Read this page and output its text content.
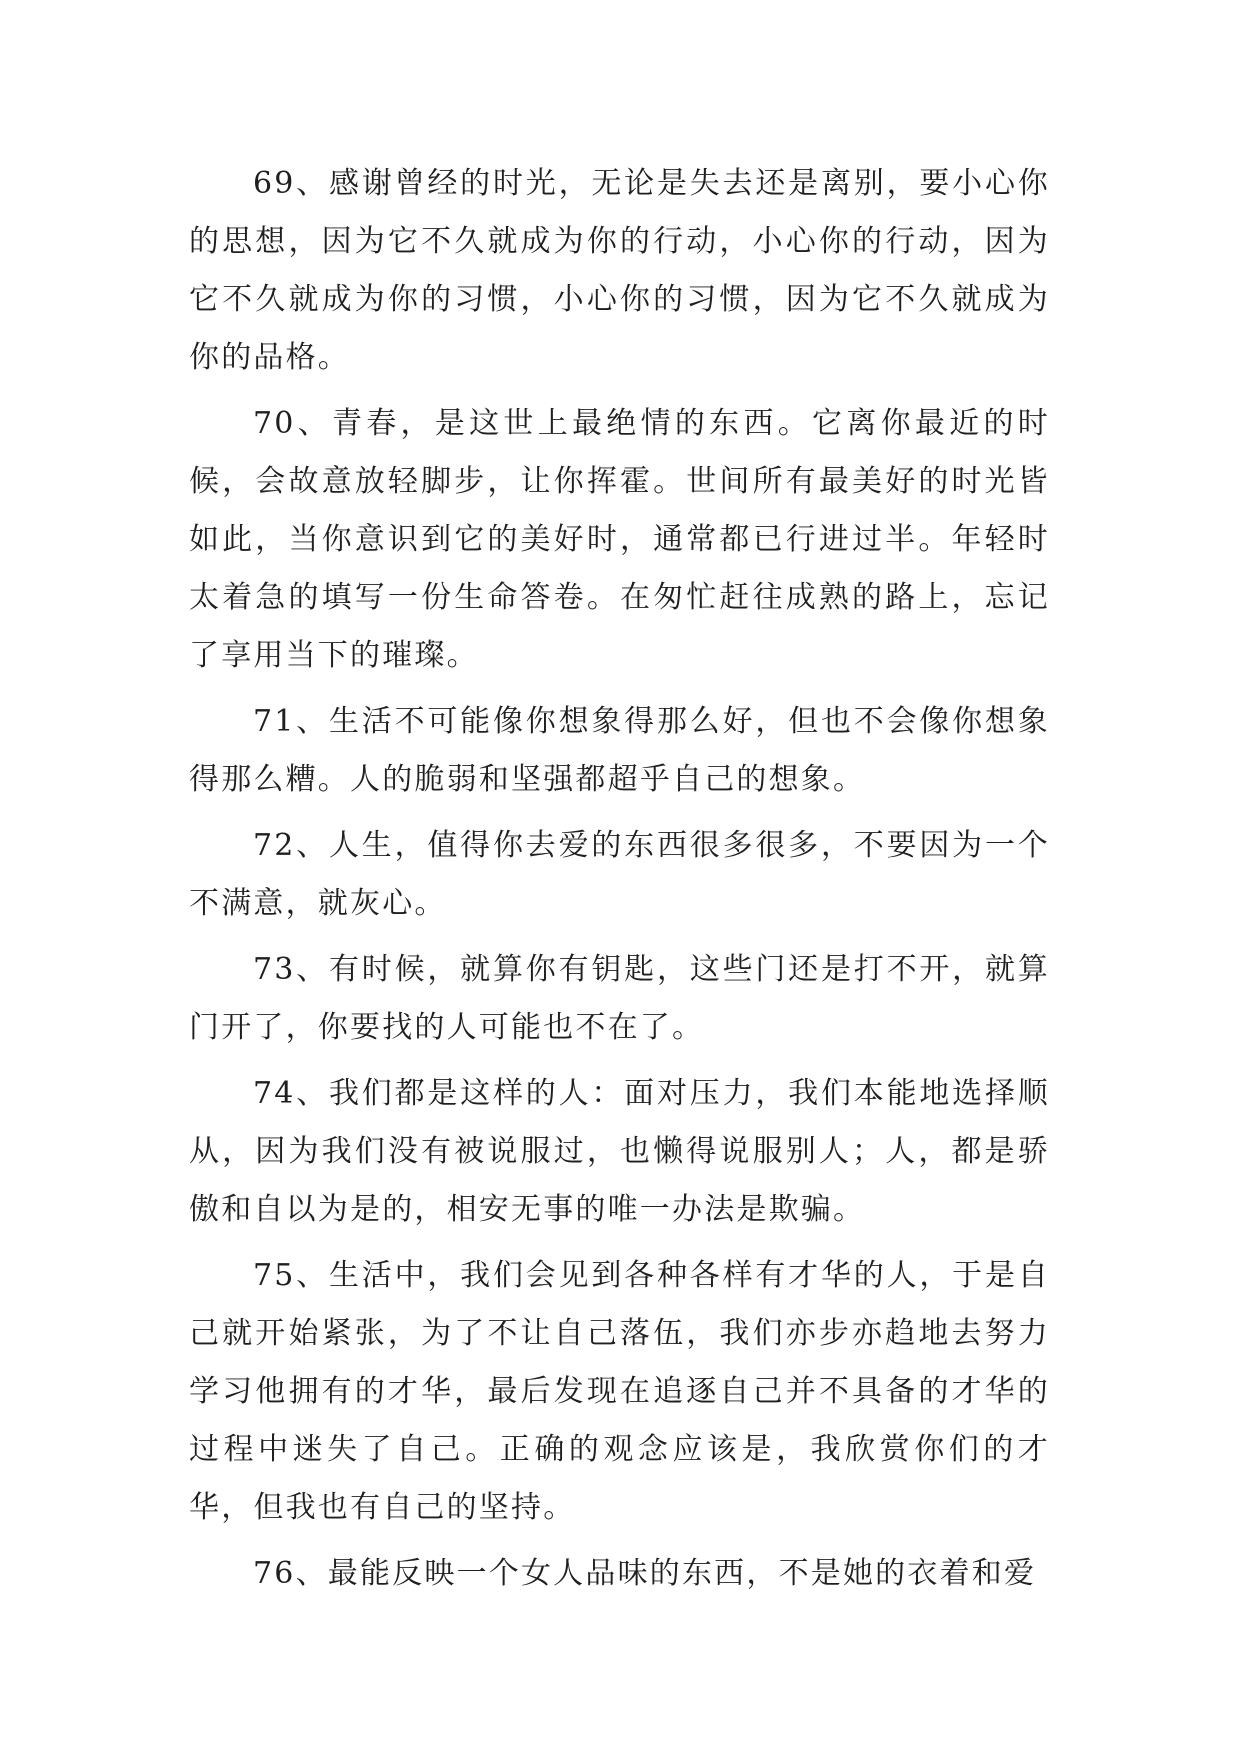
69、感谢曾经的时光，无论是失去还是离别，要小心你的思想，因为它不久就成为你的行动，小心你的行动，因为它不久就成为你的习惯，小心你的习惯，因为它不久就成为你的品格。

70、青春，是这世上最绝情的东西。它离你最近的时候，会故意放轻脚步，让你挥霍。世间所有最美好的时光皆如此，当你意识到它的美好时，通常都已行进过半。年轻时太着急的填写一份生命答卷。在匆忙赶往成熟的路上，忘记了享用当下的璀璨。

71、生活不可能像你想象得那么好，但也不会像你想象得那么糟。人的脆弱和坚强都超乎自己的想象。

72、人生，值得你去爱的东西很多很多，不要因为一个不满意，就灰心。

73、有时候，就算你有钥匙，这些门还是打不开，就算门开了，你要找的人可能也不在了。

74、我们都是这样的人：面对压力，我们本能地选择顺从，因为我们没有被说服过，也懒得说服别人；人，都是骄傲和自以为是的，相安无事的唯一办法是欺骗。

75、生活中，我们会见到各种各样有才华的人，于是自己就开始紧张，为了不让自己落伍，我们亦步亦趋地去努力学习他拥有的才华，最后发现在追逐自己并不具备的才华的过程中迷失了自己。正确的观念应该是，我欣赏你们的才华，但我也有自己的坚持。

76、最能反映一个女人品味的东西，不是她的衣着和爱
